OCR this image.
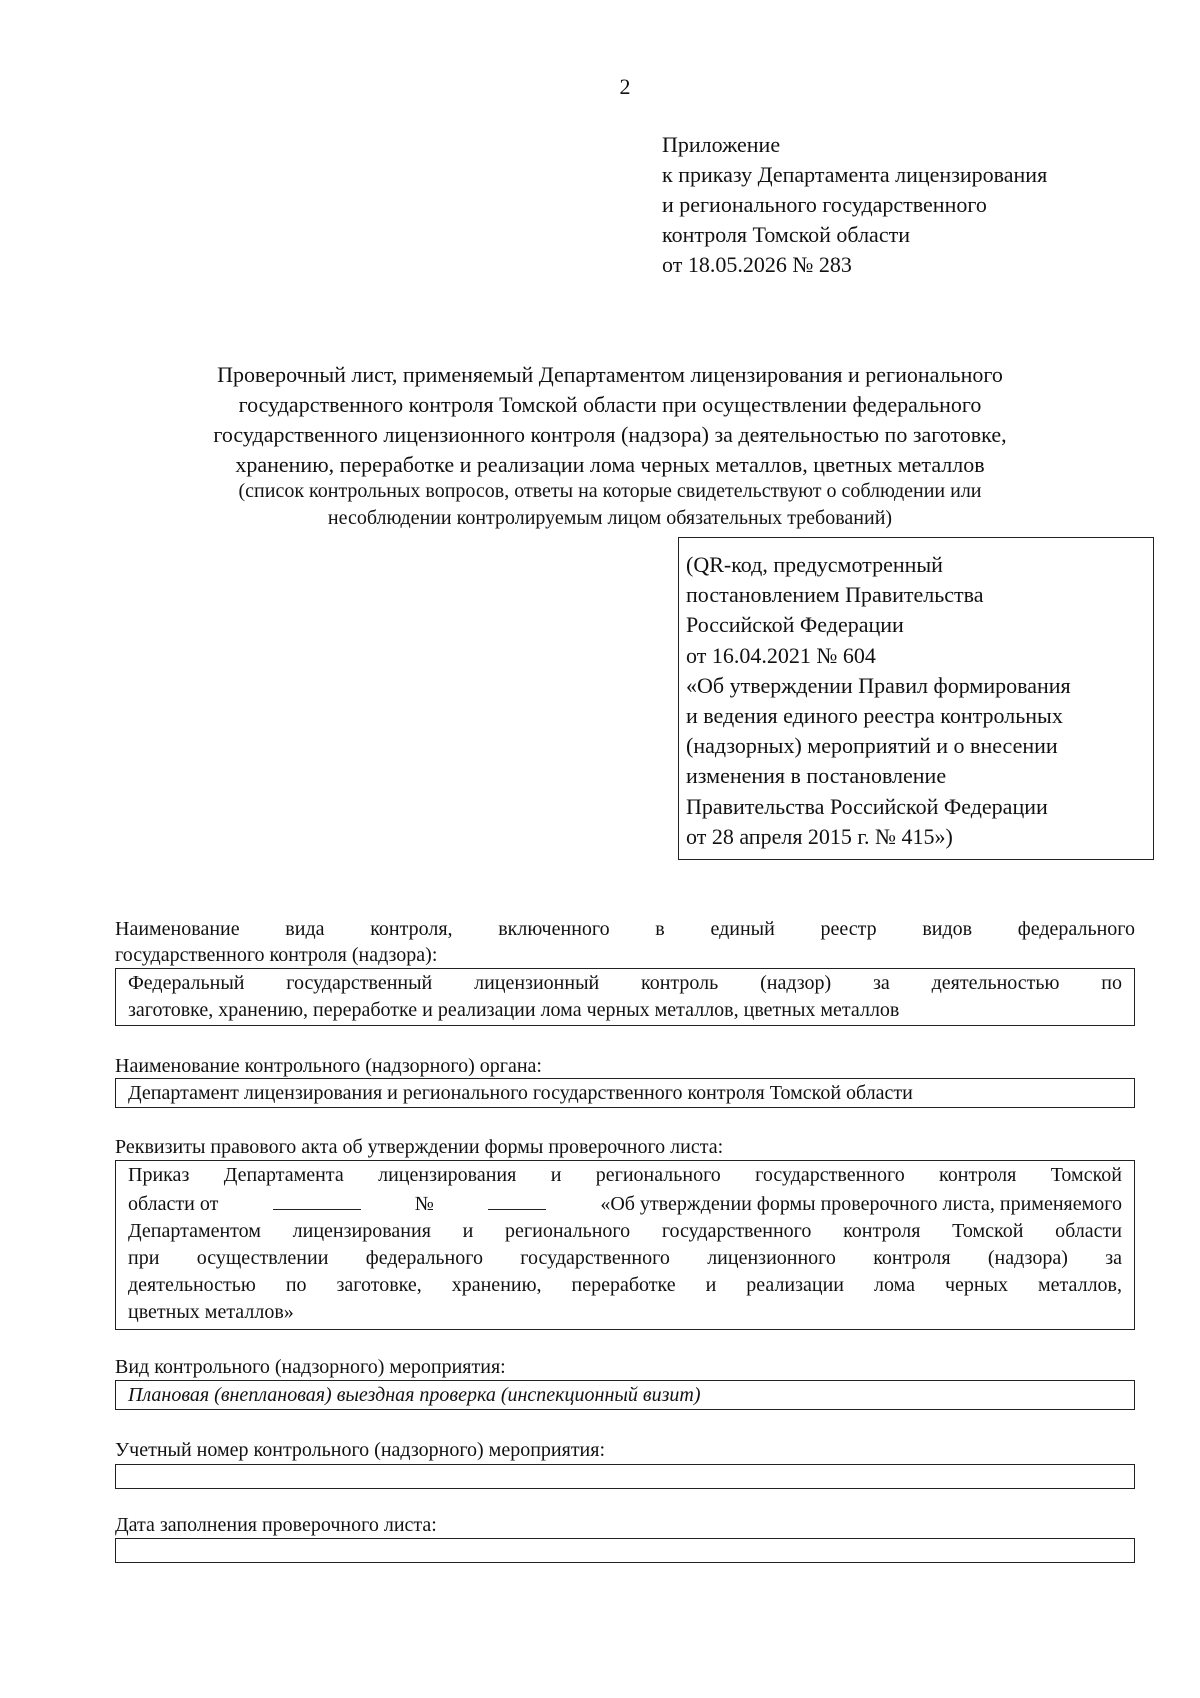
2
Приложение
к приказу Департамента лицензирования
и регионального государственного
контроля Томской области
от 18.05.2026 № 283
Проверочный лист, применяемый Департаментом лицензирования и регионального
государственного контроля Томской области при осуществлении федерального
государственного лицензионного контроля (надзора) за деятельностью по заготовке,
хранению, переработке и реализации лома черных металлов, цветных металлов
(список контрольных вопросов, ответы на которые свидетельствуют о соблюдении или
несоблюдении контролируемым лицом обязательных требований)
(QR-код, предусмотренный
постановлением Правительства
Российской Федерации
от 16.04.2021 № 604
«Об утверждении Правил формирования
и ведения единого реестра контрольных
(надзорных) мероприятий и о внесении
изменения в постановление
Правительства Российской Федерации
от 28 апреля 2015 г. № 415»)
Наименование вида контроля, включенного в единый реестр видов федерального
государственного контроля (надзора):
Федеральный государственный лицензионный контроль (надзор) за деятельностью по
заготовке, хранению, переработке и реализации лома черных металлов, цветных металлов
Наименование контрольного (надзорного) органа:
Департамент лицензирования и регионального государственного контроля Томской области
Реквизиты правового акта об утверждении формы проверочного листа:
Приказ Департамента лицензирования и регионального государственного контроля Томской
области от	№	«Об утверждении формы проверочного листа, применяемого
Департаментом лицензирования и регионального государственного контроля Томской области
при осуществлении федерального государственного лицензионного контроля (надзора) за
деятельностью по заготовке, хранению, переработке и реализации лома черных металлов,
цветных металлов»
Вид контрольного (надзорного) мероприятия:
Плановая (внеплановая) выездная проверка (инспекционный визит)
Учетный номер контрольного (надзорного) мероприятия:
Дата заполнения проверочного листа:
